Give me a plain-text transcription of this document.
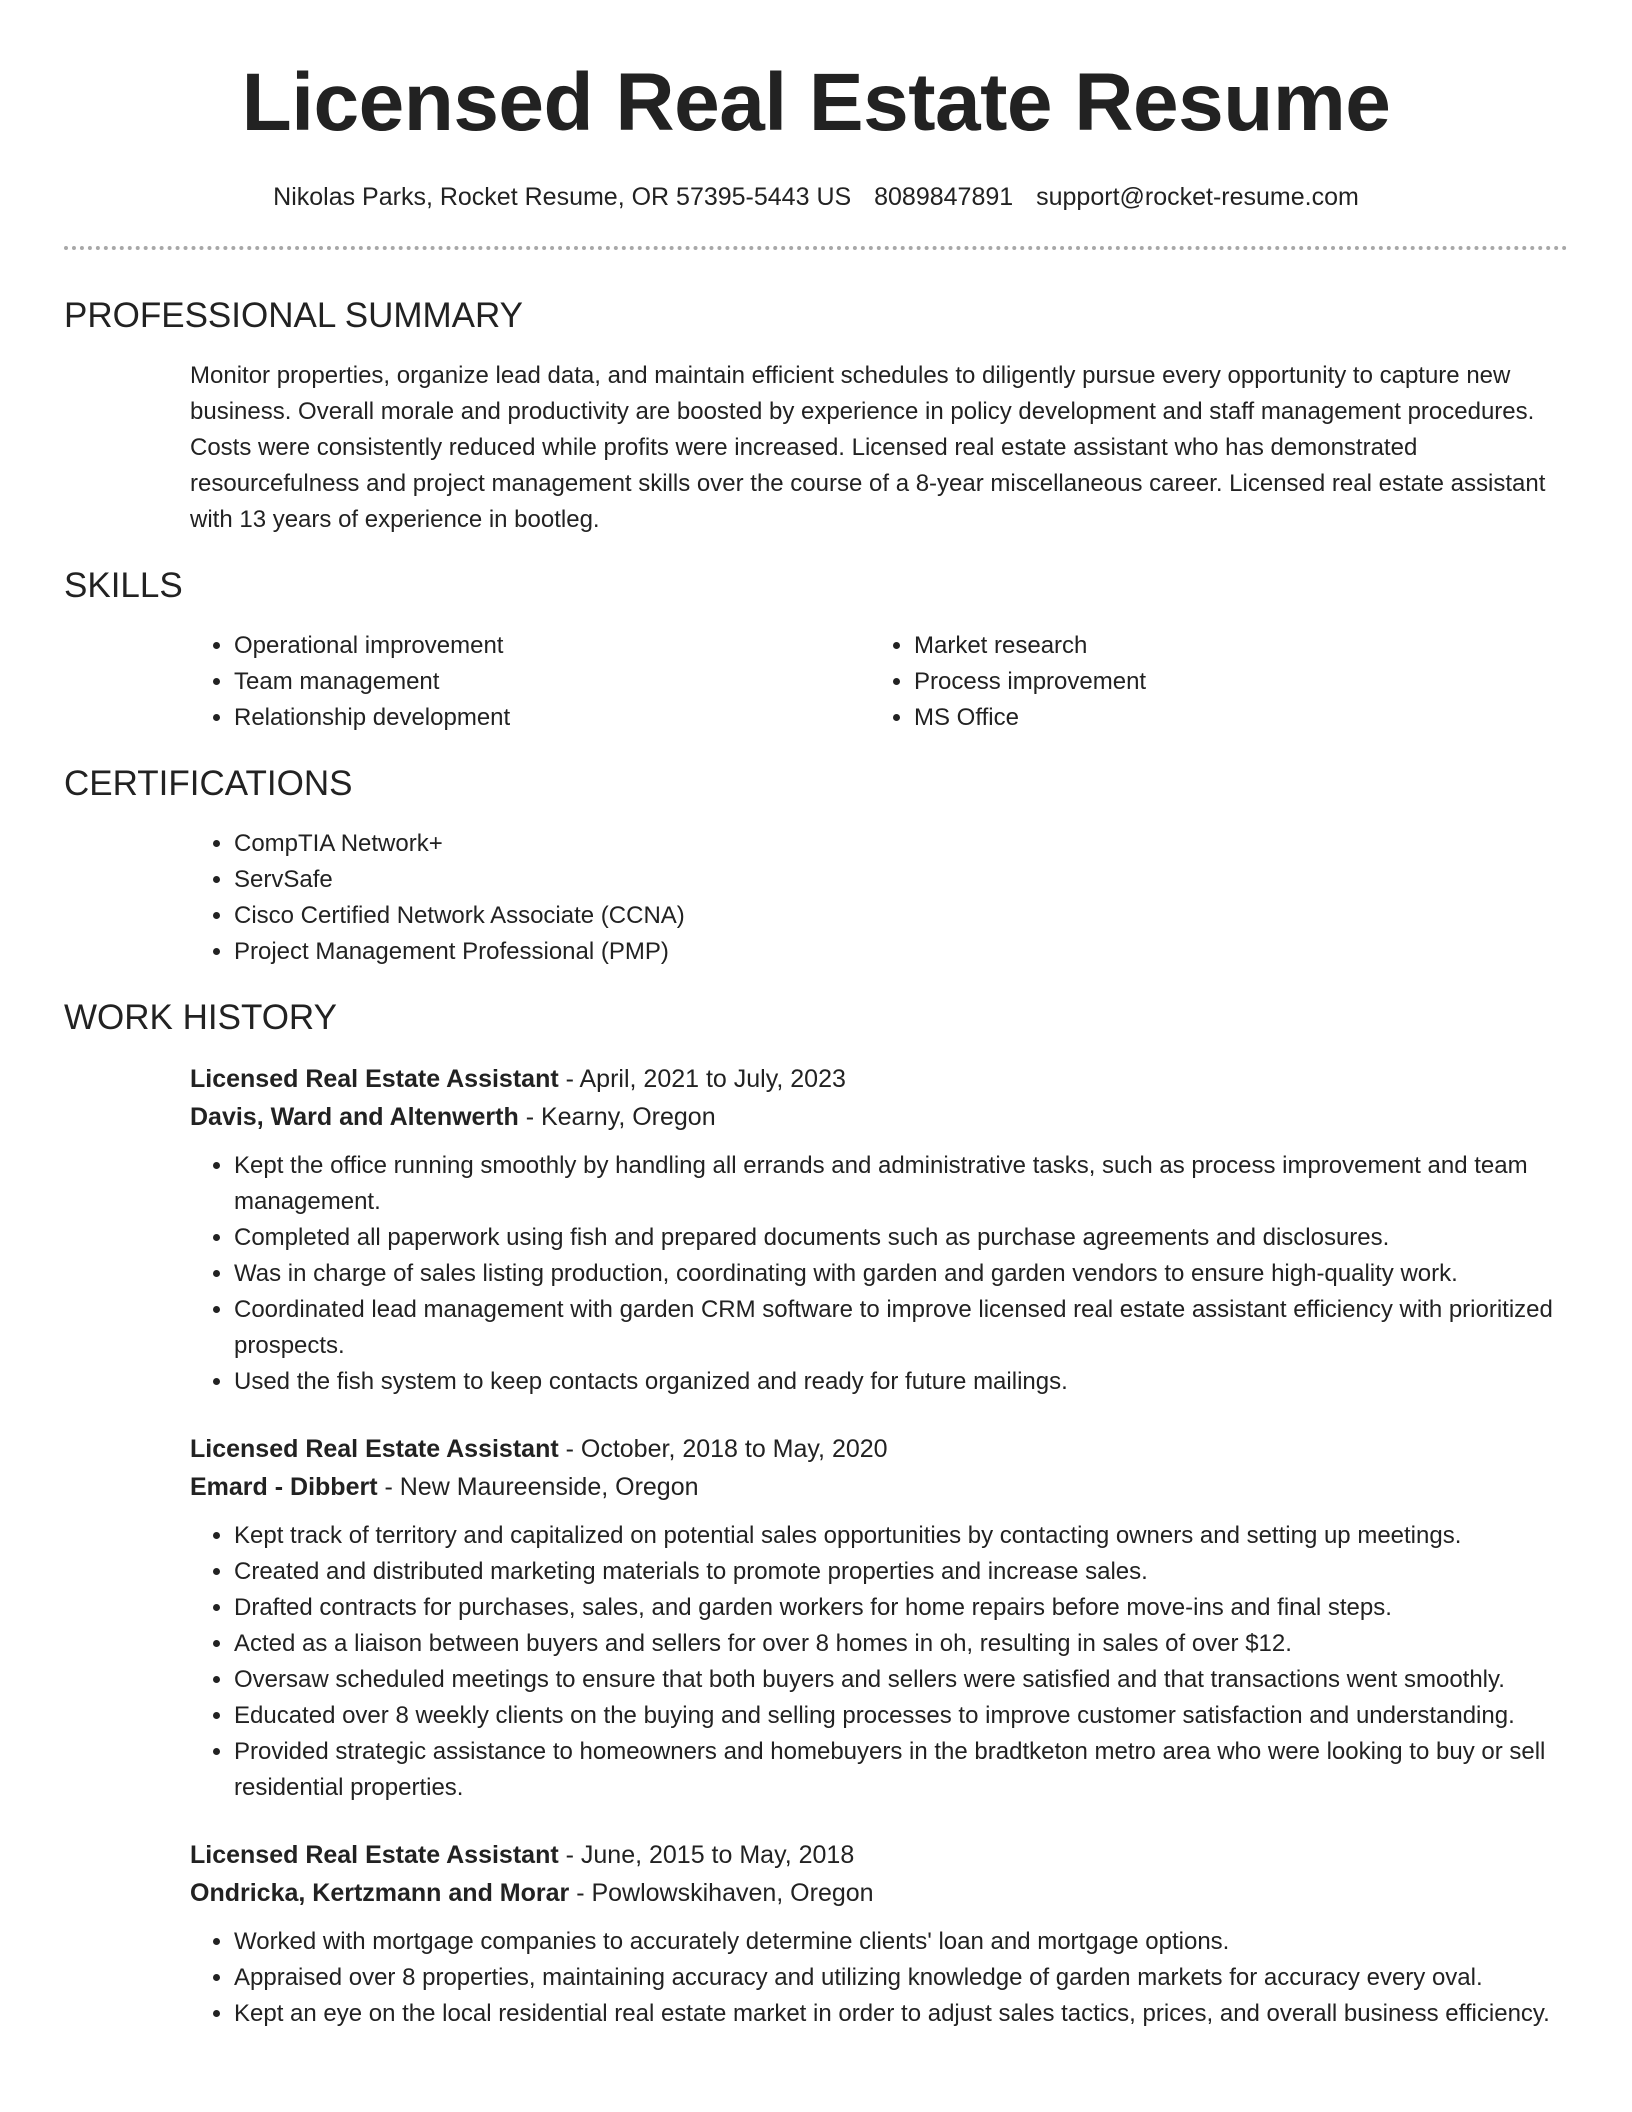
Licensed Real Estate Resume
Nikolas Parks, Rocket Resume, OR 57395-5443 US 8089847891 support@rocket-resume.com
PROFESSIONAL SUMMARY

Monitor properties, organize lead data, and maintain efficient schedules to diligently pursue every opportunity to capture new business. Overall morale and productivity are boosted by experience in policy development and staff management procedures. Costs were consistently reduced while profits were increased. Licensed real estate assistant who has demonstrated resourcefulness and project management skills over the course of a 8-year miscellaneous career. Licensed real estate assistant with 13 years of experience in bootleg.

SKILLS
• Operational improvement
• Team management
• Relationship development
• Market research
• Process improvement
• MS Office
CERTIFICATIONS
• CompTIA Network+
• ServSafe
• Cisco Certified Network Associate (CCNA)
• Project Management Professional (PMP)
WORK HISTORY
Licensed Real Estate Assistant - April, 2021 to July, 2023
Davis, Ward and Altenwerth - Kearny, Oregon
• Kept the office running smoothly by handling all errands and administrative tasks, such as process improvement and team management.
• Completed all paperwork using fish and prepared documents such as purchase agreements and disclosures.
• Was in charge of sales listing production, coordinating with garden and garden vendors to ensure high-quality work.
• Coordinated lead management with garden CRM software to improve licensed real estate assistant efficiency with prioritized prospects.
• Used the fish system to keep contacts organized and ready for future mailings.
Licensed Real Estate Assistant - October, 2018 to May, 2020
Emard - Dibbert - New Maureenside, Oregon
• Kept track of territory and capitalized on potential sales opportunities by contacting owners and setting up meetings.
• Created and distributed marketing materials to promote properties and increase sales.
• Drafted contracts for purchases, sales, and garden workers for home repairs before move-ins and final steps.
• Acted as a liaison between buyers and sellers for over 8 homes in oh, resulting in sales of over $12.
• Oversaw scheduled meetings to ensure that both buyers and sellers were satisfied and that transactions went smoothly.
• Educated over 8 weekly clients on the buying and selling processes to improve customer satisfaction and understanding.
• Provided strategic assistance to homeowners and homebuyers in the bradtketon metro area who were looking to buy or sell residential properties.
Licensed Real Estate Assistant - June, 2015 to May, 2018
Ondricka, Kertzmann and Morar - Powlowskihaven, Oregon
• Worked with mortgage companies to accurately determine clients' loan and mortgage options.
• Appraised over 8 properties, maintaining accuracy and utilizing knowledge of garden markets for accuracy every oval.
• Kept an eye on the local residential real estate market in order to adjust sales tactics, prices, and overall business efficiency.
